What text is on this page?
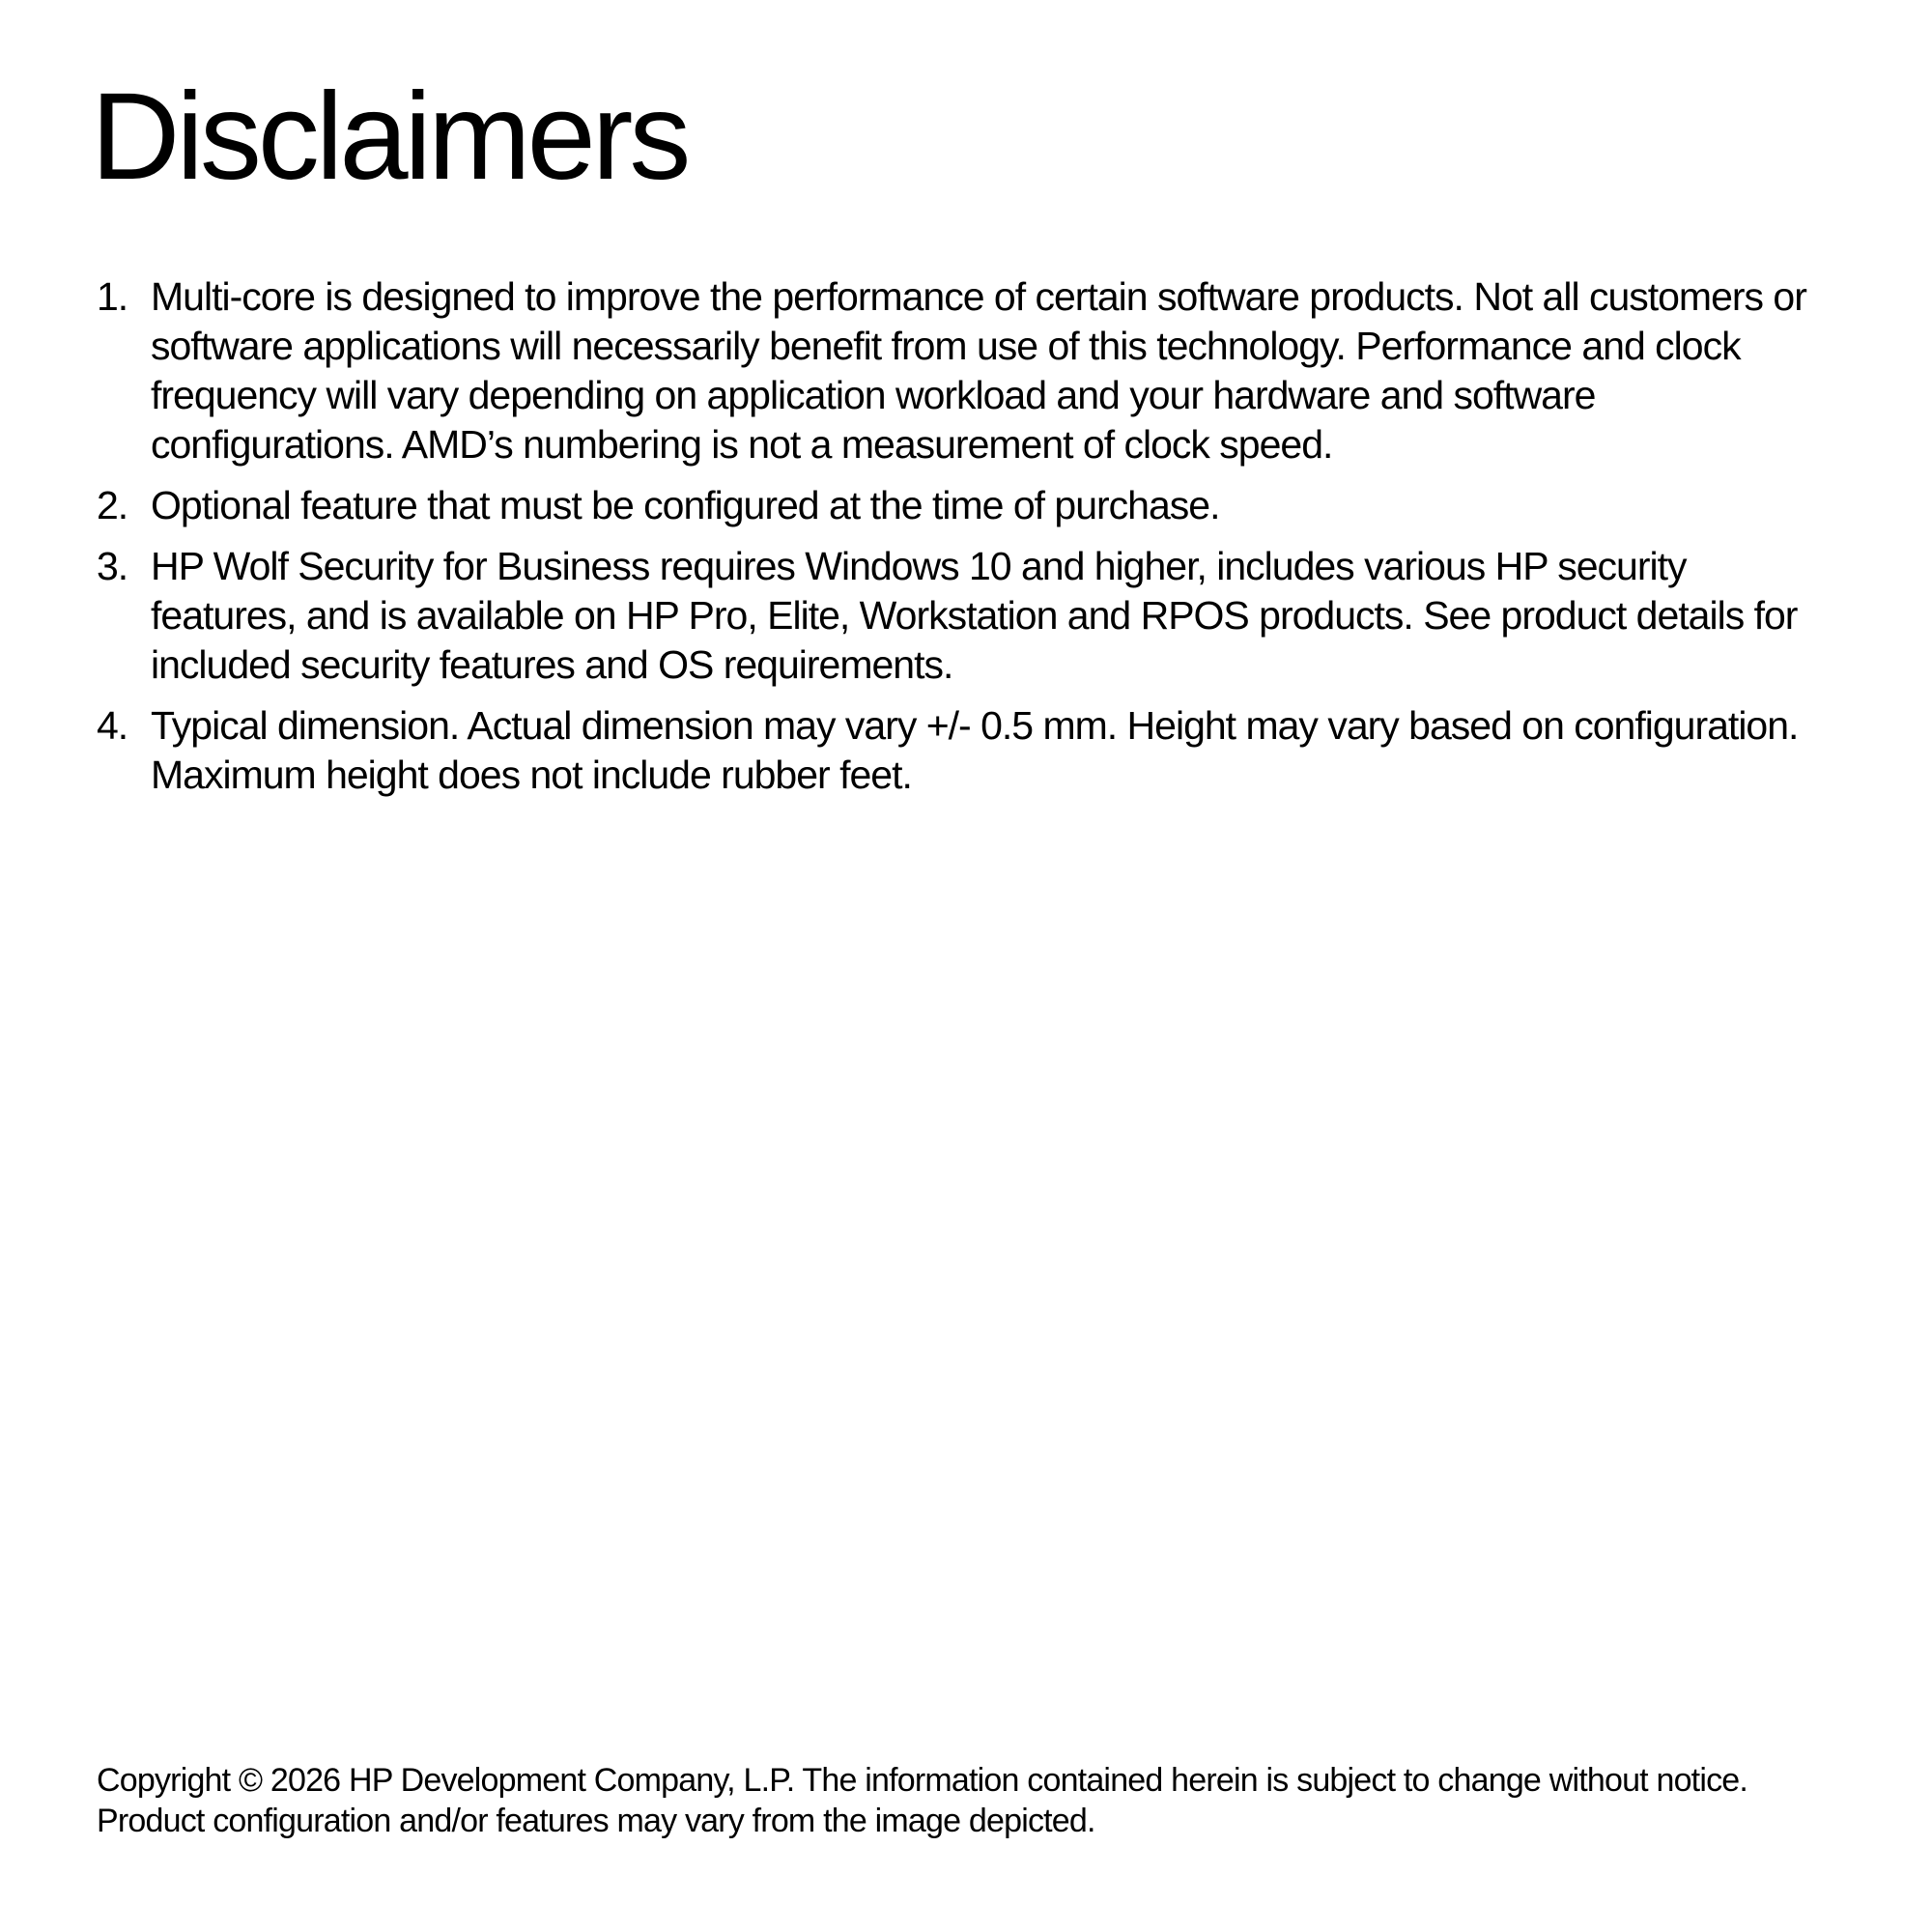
Disclaimers
1. Multi-core is designed to improve the performance of certain software products. Not all customers or software applications will necessarily benefit from use of this technology. Performance and clock frequency will vary depending on application workload and your hardware and software configurations. AMD’s numbering is not a measurement of clock speed.
2. Optional feature that must be configured at the time of purchase.
3. HP Wolf Security for Business requires Windows 10 and higher, includes various HP security features, and is available on HP Pro, Elite, Workstation and RPOS products. See product details for included security features and OS requirements.
4. Typical dimension. Actual dimension may vary +/- 0.5 mm. Height may vary based on configuration. Maximum height does not include rubber feet.

Copyright © 2026 HP Development Company, L.P. The information contained herein is subject to change without notice. Product configuration and/or features may vary from the image depicted.
